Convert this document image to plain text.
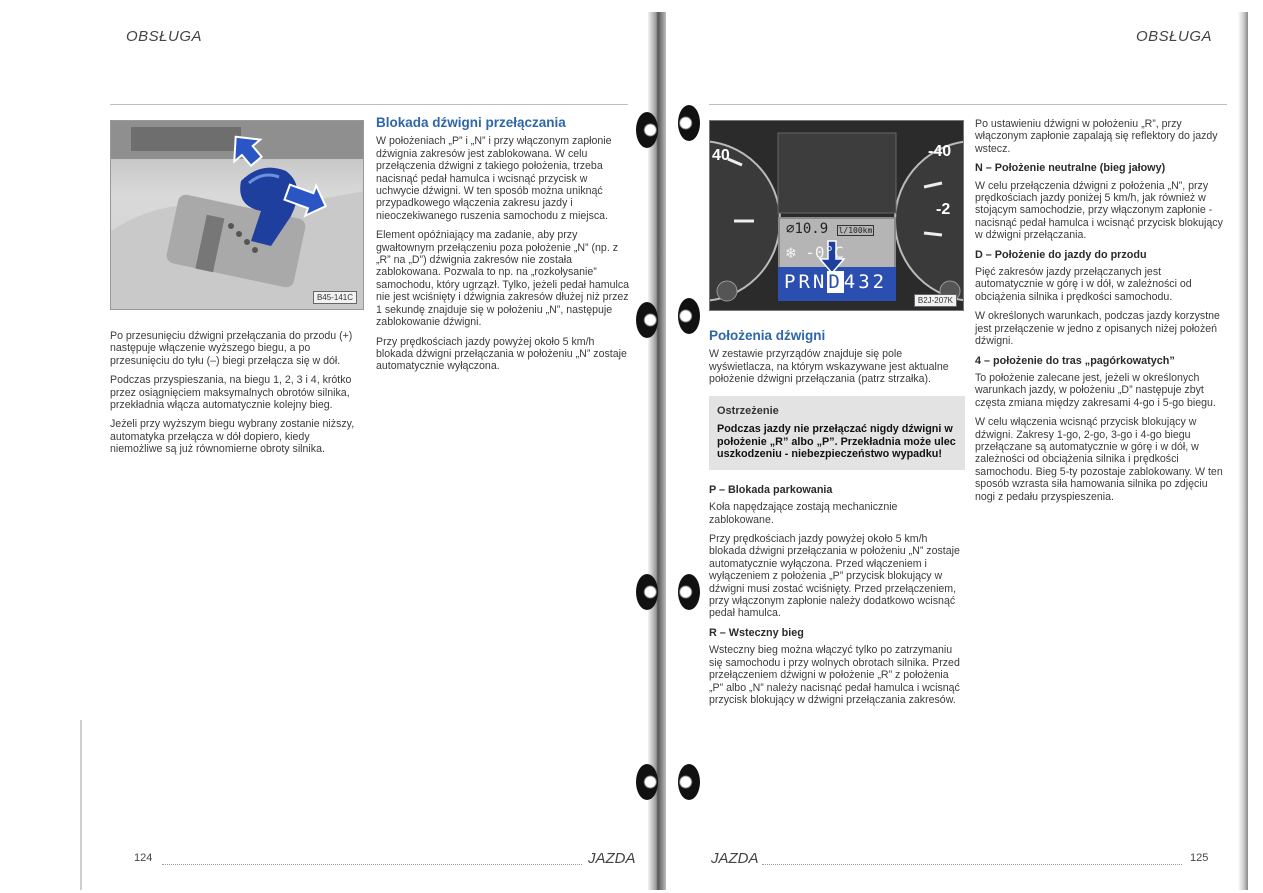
OBSŁUGA
B45-141C

Po przesunięciu dźwigni przełączania do przodu (+) następuje włączenie wyższego biegu, a po przesunięciu do tyłu (–) biegi przełącza się w dół.

Podczas przyspieszania, na biegu 1, 2, 3 i 4, krótko przez osiągnięciem maksymalnych obrotów silnika, przekładnia włącza automatycznie kolejny bieg.

Jeżeli przy wyższym biegu wybrany zostanie niższy, automatyka przełącza w dół dopiero, kiedy niemożliwe są już równomierne obroty silnika.

Blokada dźwigni przełączania

W położeniach „P” i „N” i przy włączonym zapłonie dźwignia zakresów jest zablokowana. W celu przełączenia dźwigni z takiego położenia, trzeba nacisnąć pedał hamulca i wcisnąć przycisk w uchwycie dźwigni. W ten sposób można uniknąć przypadkowego włączenia zakresu jazdy i nieoczekiwanego ruszenia samochodu z miejsca.

Element opóźniający ma zadanie, aby przy gwałtownym przełączeniu poza położenie „N” (np. z „R” na „D”) dźwignia zakresów nie została zablokowana. Pozwala to np. na „rozkołysanie” samochodu, który ugrzązł. Tylko, jeżeli pedał hamulca nie jest wciśnięty i dźwignia zakresów dłużej niż przez 1 sekundę znajduje się w położeniu „N”, następuje zablokowanie dźwigni.

Przy prędkościach jazdy powyżej około 5 km/h blokada dźwigni przełączania w położeniu „N” zostaje automatycznie wyłączona.

124	JAZDA
OBSŁUGA
40	-40
-2
⌀10.9 l/100km
❄ -0°C
PRND432
B2J-207K
Położenia dźwigni

W zestawie przyrządów znajduje się pole wyświetlacza, na którym wskazywane jest aktualne położenie dźwigni przełączania (patrz strzałka).

Ostrzeżenie
Podczas jazdy nie przełączać nigdy dźwigni w położenie „R” albo „P”. Przekładnia może ulec uszkodzeniu - niebezpieczeństwo wypadku!
P – Blokada parkowania

Koła napędzające zostają mechanicznie zablokowane.

Przy prędkościach jazdy powyżej około 5 km/h blokada dźwigni przełączania w położeniu „N” zostaje automatycznie wyłączona. Przed włączeniem i wyłączeniem z położenia „P” przycisk blokujący w dźwigni musi zostać wciśnięty. Przed przełączeniem, przy włączonym zapłonie należy dodatkowo wcisnąć pedał hamulca.

R – Wsteczny bieg

Wsteczny bieg można włączyć tylko po zatrzymaniu się samochodu i przy wolnych obrotach silnika. Przed przełączeniem dźwigni w położenie „R” z położenia „P” albo „N” należy nacisnąć pedał hamulca i wcisnąć przycisk blokujący w dźwigni przełączania zakresów.

Po ustawieniu dźwigni w położeniu „R”, przy włączonym zapłonie zapalają się reflektory do jazdy wstecz.

N – Położenie neutralne (bieg jałowy)

W celu przełączenia dźwigni z położenia „N”, przy prędkościach jazdy poniżej 5 km/h, jak również w stojącym samochodzie, przy włączonym zapłonie - nacisnąć pedał hamulca i wcisnąć przycisk blokujący w dźwigni przełączania.

D – Położenie do jazdy do przodu

Pięć zakresów jazdy przełączanych jest automatycznie w górę i w dół, w zależności od obciążenia silnika i prędkości samochodu.

W określonych warunkach, podczas jazdy korzystne jest przełączenie w jedno z opisanych niżej położeń dźwigni.

4 – położenie do tras „pagórkowatych”

To położenie zalecane jest, jeżeli w określonych warunkach jazdy, w położeniu „D” następuje zbyt częsta zmiana między zakresami 4-go i 5-go biegu.

W celu włączenia wcisnąć przycisk blokujący w dźwigni. Zakresy 1-go, 2-go, 3-go i 4-go biegu przełączane są automatycznie w górę i w dół, w zależności od obciążenia silnika i prędkości samochodu. Bieg 5-ty pozostaje zablokowany. W ten sposób wzrasta siła hamowania silnika po zdjęciu nogi z pedału przyspieszenia.

JAZDA	125
